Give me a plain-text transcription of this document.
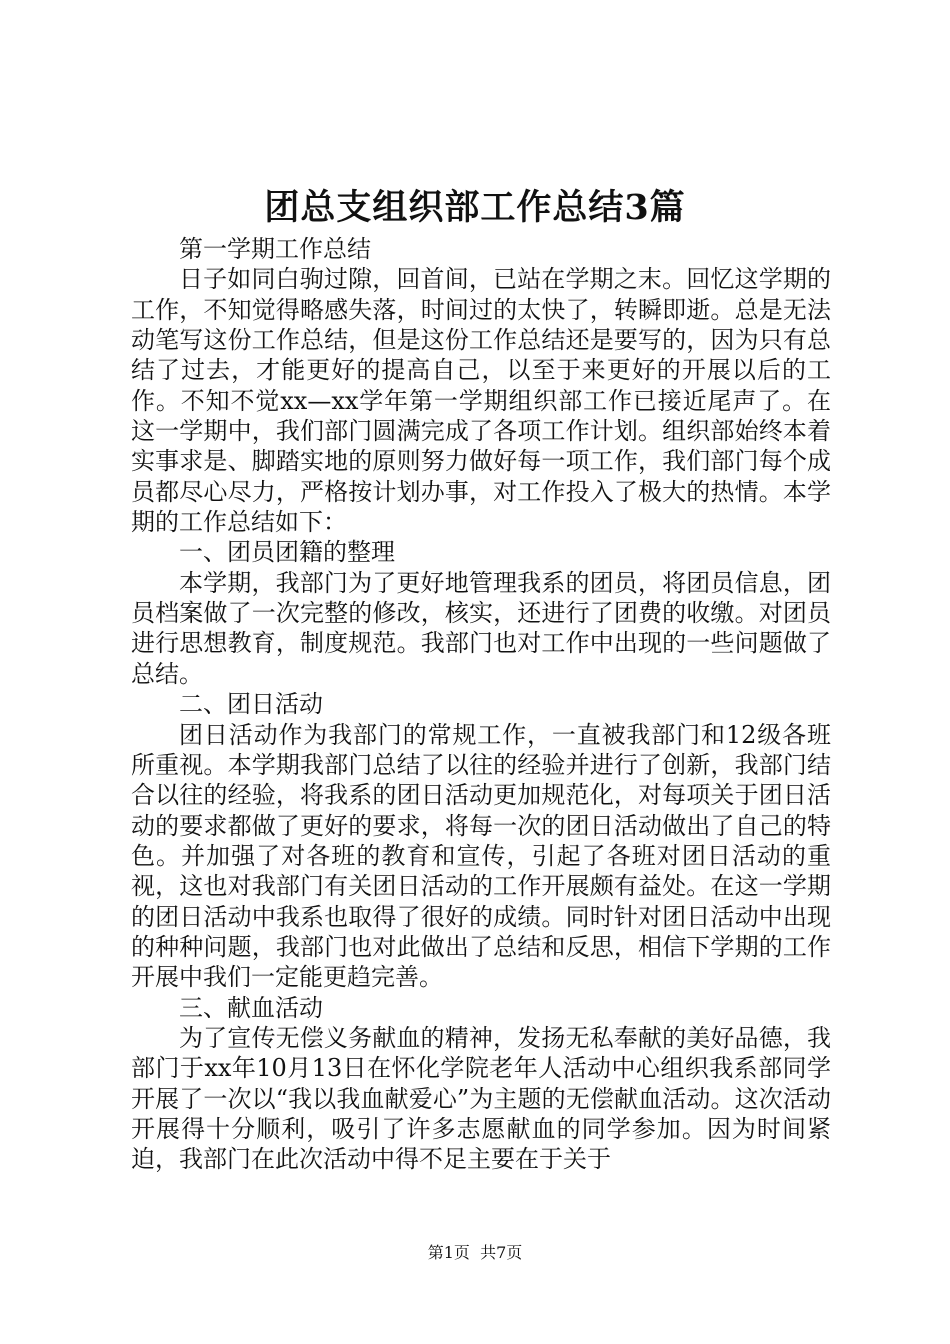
团总支组织部工作总结3篇

第一学期工作总结

日子如同白驹过隙，回首间，已站在学期之末。回忆这学期的工作，不知觉得略感失落，时间过的太快了，转瞬即逝。总是无法动笔写这份工作总结，但是这份工作总结还是要写的，因为只有总结了过去，才能更好的提高自己，以至于来更好的开展以后的工作。不知不觉xx—xx学年第一学期组织部工作已接近尾声了。在这一学期中，我们部门圆满完成了各项工作计划。组织部始终本着实事求是、脚踏实地的原则努力做好每一项工作，我们部门每个成员都尽心尽力，严格按计划办事，对工作投入了极大的热情。本学期的工作总结如下：

一、团员团籍的整理

本学期，我部门为了更好地管理我系的团员，将团员信息，团员档案做了一次完整的修改，核实，还进行了团费的收缴。对团员进行思想教育，制度规范。我部门也对工作中出现的一些问题做了总结。

二、团日活动

团日活动作为我部门的常规工作，一直被我部门和12级各班所重视。本学期我部门总结了以往的经验并进行了创新，我部门结合以往的经验，将我系的团日活动更加规范化，对每项关于团日活动的要求都做了更好的要求，将每一次的团日活动做出了自己的特色。并加强了对各班的教育和宣传，引起了各班对团日活动的重视，这也对我部门有关团日活动的工作开展颇有益处。在这一学期的团日活动中我系也取得了很好的成绩。同时针对团日活动中出现的种种问题，我部门也对此做出了总结和反思，相信下学期的工作开展中我们一定能更趋完善。

三、献血活动

为了宣传无偿义务献血的精神，发扬无私奉献的美好品德，我部门于xx年10月13日在怀化学院老年人活动中心组织我系部同学开展了一次以“我以我血献爱心”为主题的无偿献血活动。这次活动开展得十分顺利，吸引了许多志愿献血的同学参加。因为时间紧迫，我部门在此次活动中得不足主要在于关于

第1页  共7页
